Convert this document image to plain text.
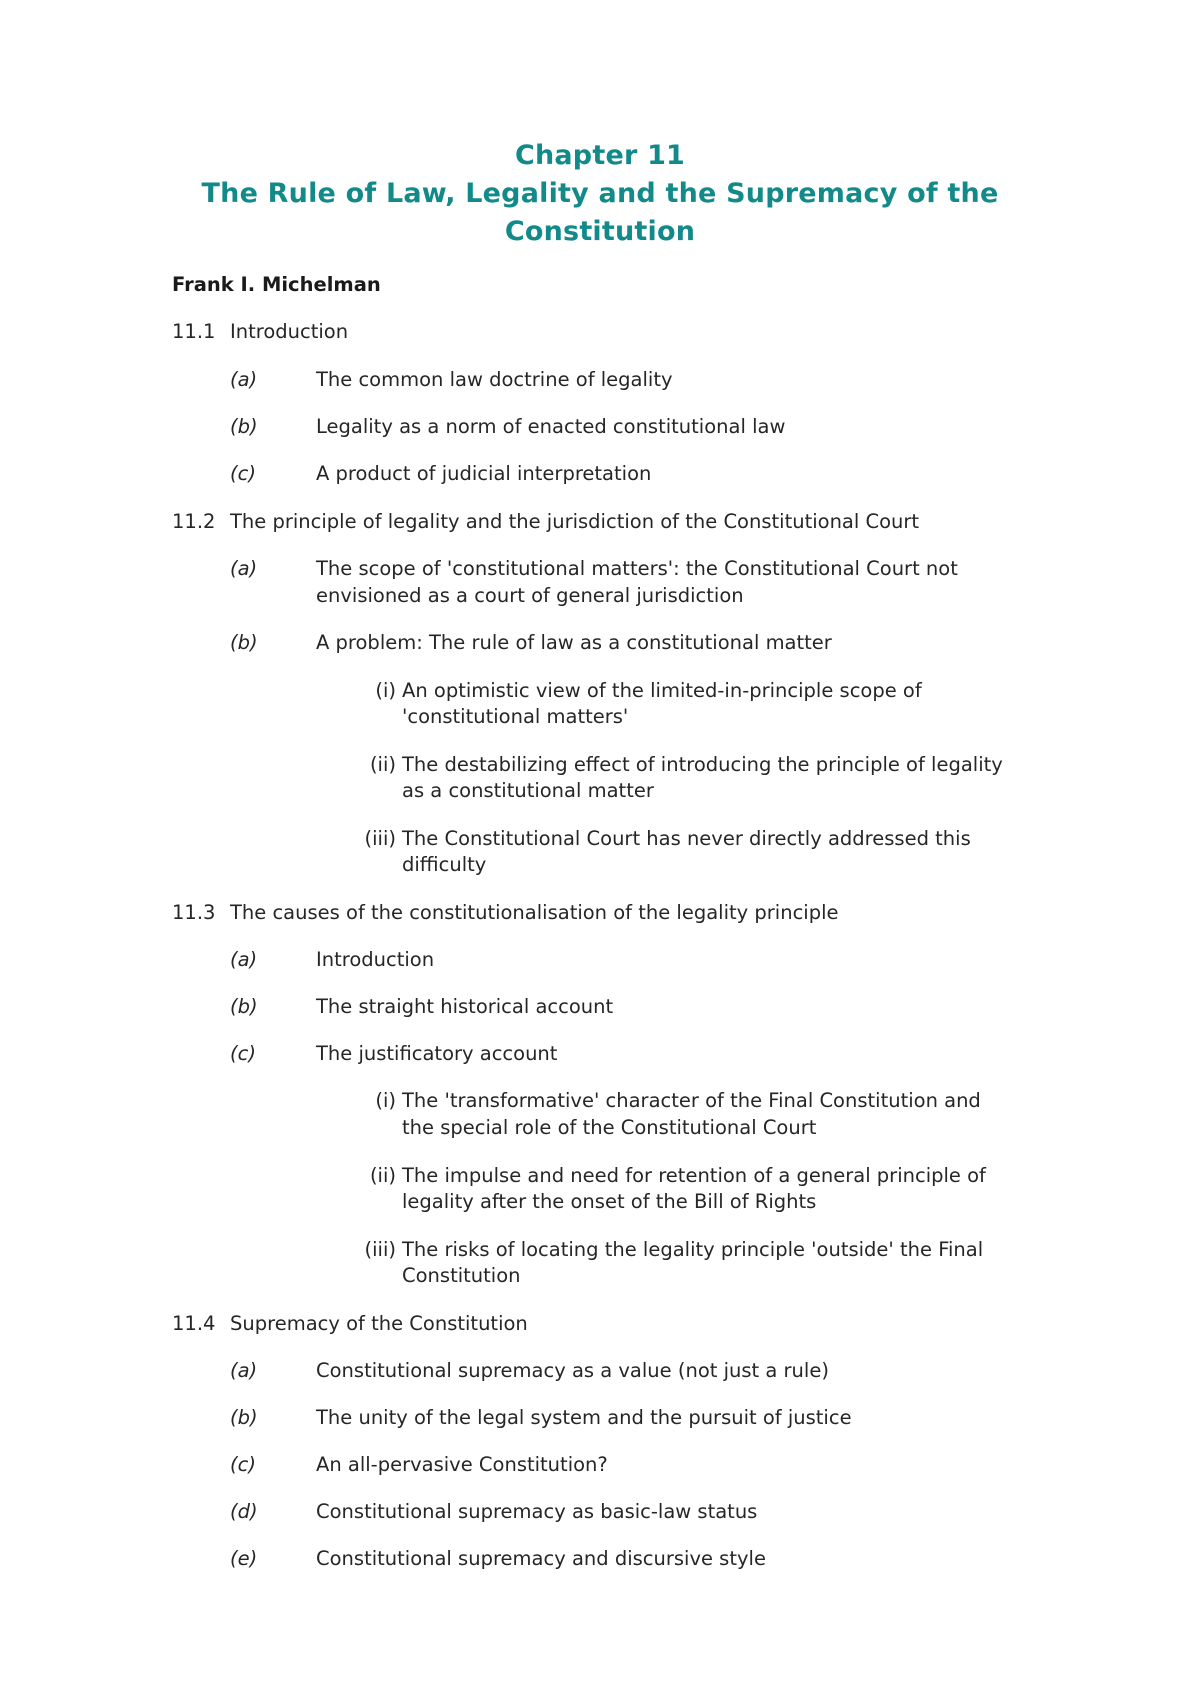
Chapter 11
The Rule of Law, Legality and the Supremacy of the
Constitution
Frank I. Michelman
11.1 Introduction
(a)	The common law doctrine of legality
(b)	Legality as a norm of enacted constitutional law
(c)	A product of judicial interpretation
11.2 The principle of legality and the jurisdiction of the Constitutional Court
(a)	The scope of 'constitutional matters': the Constitutional Court not
envisioned as a court of general jurisdiction
(b)	A problem: The rule of law as a constitutional matter
(i) An optimistic view of the limited-in-principle scope of
'constitutional matters'
(ii) The destabilizing effect of introducing the principle of legality
as a constitutional matter
(iii) The Constitutional Court has never directly addressed this
difficulty
11.3 The causes of the constitutionalisation of the legality principle
(a)	Introduction
(b)	The straight historical account
(c)	The justificatory account
(i) The 'transformative' character of the Final Constitution and
the special role of the Constitutional Court
(ii) The impulse and need for retention of a general principle of
legality after the onset of the Bill of Rights
(iii) The risks of locating the legality principle 'outside' the Final
Constitution
11.4 Supremacy of the Constitution
(a)	Constitutional supremacy as a value (not just a rule)
(b)	The unity of the legal system and the pursuit of justice
(c)	An all-pervasive Constitution?
(d)	Constitutional supremacy as basic-law status
(e)	Constitutional supremacy and discursive style
